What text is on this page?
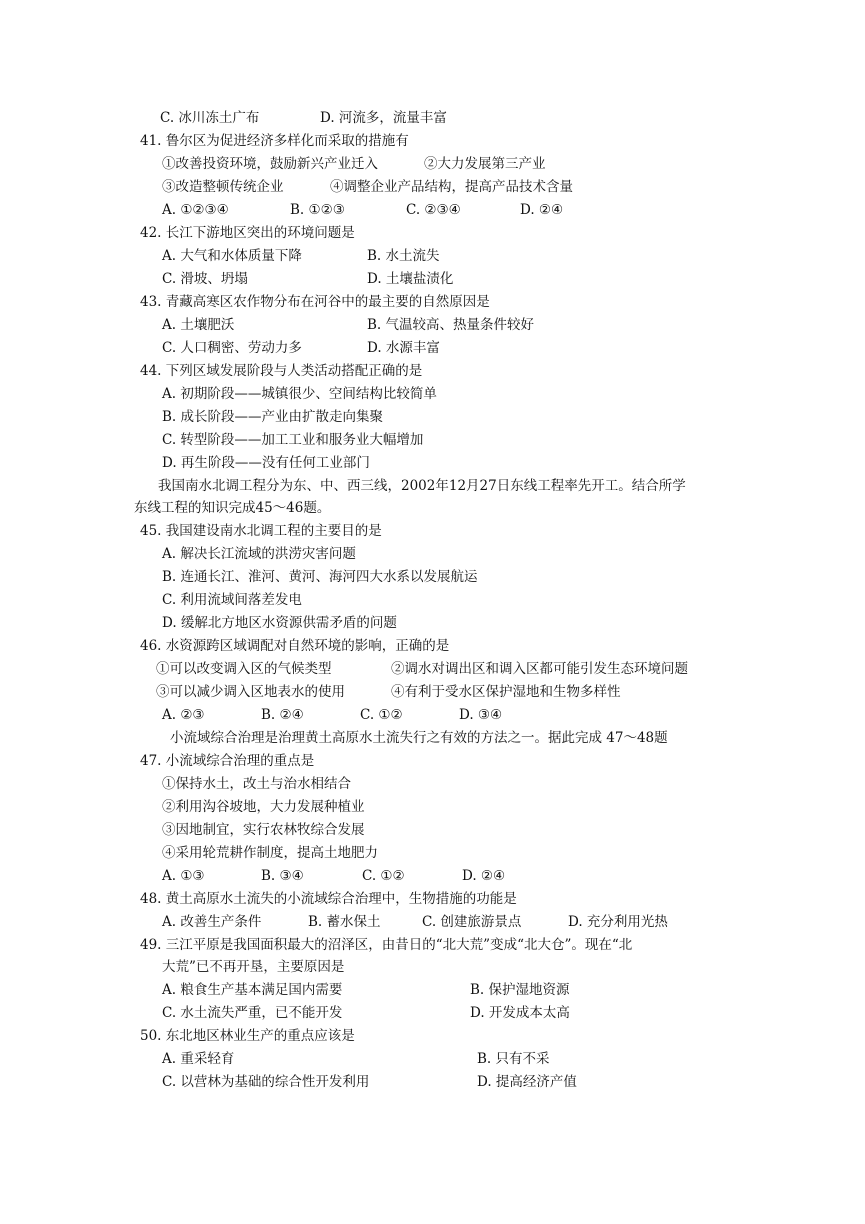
C. 冰川冻土广布	D. 河流多，流量丰富
41. 鲁尔区为促进经济多样化而采取的措施有
①改善投资环境，鼓励新兴产业迁入	②大力发展第三产业
③改造整顿传统企业	④调整企业产品结构，提高产品技术含量
A. ①②③④	B. ①②③	C. ②③④	D. ②④
42. 长江下游地区突出的环境问题是
A. 大气和水体质量下降	B. 水土流失
C. 滑坡、坍塌	D. 土壤盐渍化
43. 青藏高寒区农作物分布在河谷中的最主要的自然原因是
A. 土壤肥沃	B. 气温较高、热量条件较好
C. 人口稠密、劳动力多	D. 水源丰富
44. 下列区域发展阶段与人类活动搭配正确的是
A. 初期阶段——城镇很少、空间结构比较简单
B. 成长阶段——产业由扩散走向集聚
C. 转型阶段——加工工业和服务业大幅增加
D. 再生阶段——没有任何工业部门
我国南水北调工程分为东、中、西三线，2002年12月27日东线工程率先开工。结合所学
东线工程的知识完成45～46题。
45. 我国建设南水北调工程的主要目的是
A. 解决长江流域的洪涝灾害问题
B. 连通长江、淮河、黄河、海河四大水系以发展航运
C. 利用流域间落差发电
D. 缓解北方地区水资源供需矛盾的问题
46. 水资源跨区域调配对自然环境的影响，正确的是
①可以改变调入区的气候类型	②调水对调出区和调入区都可能引发生态环境问题
③可以减少调入区地表水的使用	④有利于受水区保护湿地和生物多样性
A. ②③	B. ②④	C. ①②	D. ③④
小流域综合治理是治理黄土高原水土流失行之有效的方法之一。据此完成 47～48题
47. 小流域综合治理的重点是
①保持水土，改土与治水相结合
②利用沟谷坡地，大力发展种植业
③因地制宜，实行农林牧综合发展
④采用轮荒耕作制度，提高土地肥力
A. ①③	B. ③④	C. ①②	D. ②④
48. 黄土高原水土流失的小流域综合治理中，生物措施的功能是
A. 改善生产条件	B. 蓄水保土	C. 创建旅游景点	D. 充分利用光热
49. 三江平原是我国面积最大的沼泽区，由昔日的“北大荒”变成“北大仓”。现在“北
大荒”已不再开垦，主要原因是
A. 粮食生产基本满足国内需要	B. 保护湿地资源
C. 水土流失严重，已不能开发	D. 开发成本太高
50. 东北地区林业生产的重点应该是
A. 重采轻育	B. 只有不采
C. 以营林为基础的综合性开发利用	D. 提高经济产值
